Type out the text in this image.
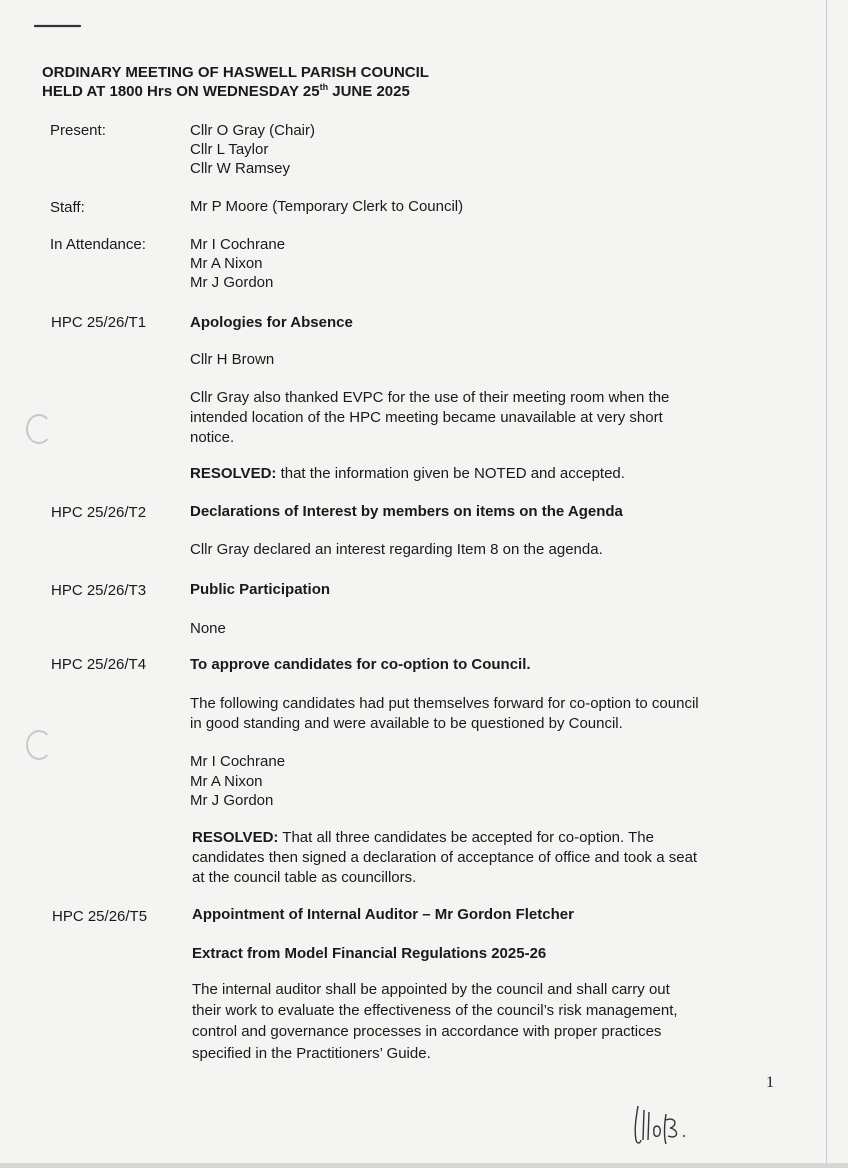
ORDINARY MEETING OF HASWELL PARISH COUNCIL
HELD AT 1800 Hrs ON WEDNESDAY 25th JUNE 2025
Present:	Cllr O Gray (Chair)
Cllr L Taylor
Cllr W Ramsey
Staff:	Mr P Moore (Temporary Clerk to Council)
In Attendance:	Mr I Cochrane
Mr A Nixon
Mr J Gordon
HPC 25/26/T1	Apologies for Absence
Cllr H Brown
Cllr Gray also thanked EVPC for the use of their meeting room when the
intended location of the HPC meeting became unavailable at very short
notice.
RESOLVED: that the information given be NOTED and accepted.
HPC 25/26/T2	Declarations of Interest by members on items on the Agenda
Cllr Gray declared an interest regarding Item 8 on the agenda.
HPC 25/26/T3	Public Participation
None
HPC 25/26/T4	To approve candidates for co-option to Council.
The following candidates had put themselves forward for co-option to council
in good standing and were available to be questioned by Council.
Mr I Cochrane
Mr A Nixon
Mr J Gordon
RESOLVED: That all three candidates be accepted for co-option. The
candidates then signed a declaration of acceptance of office and took a seat
at the council table as councillors.
HPC 25/26/T5	Appointment of Internal Auditor – Mr Gordon Fletcher
Extract from Model Financial Regulations 2025-26
The internal auditor shall be appointed by the council and shall carry out
their work to evaluate the effectiveness of the council’s risk management,
control and governance processes in accordance with proper practices
specified in the Practitioners’ Guide.
1
